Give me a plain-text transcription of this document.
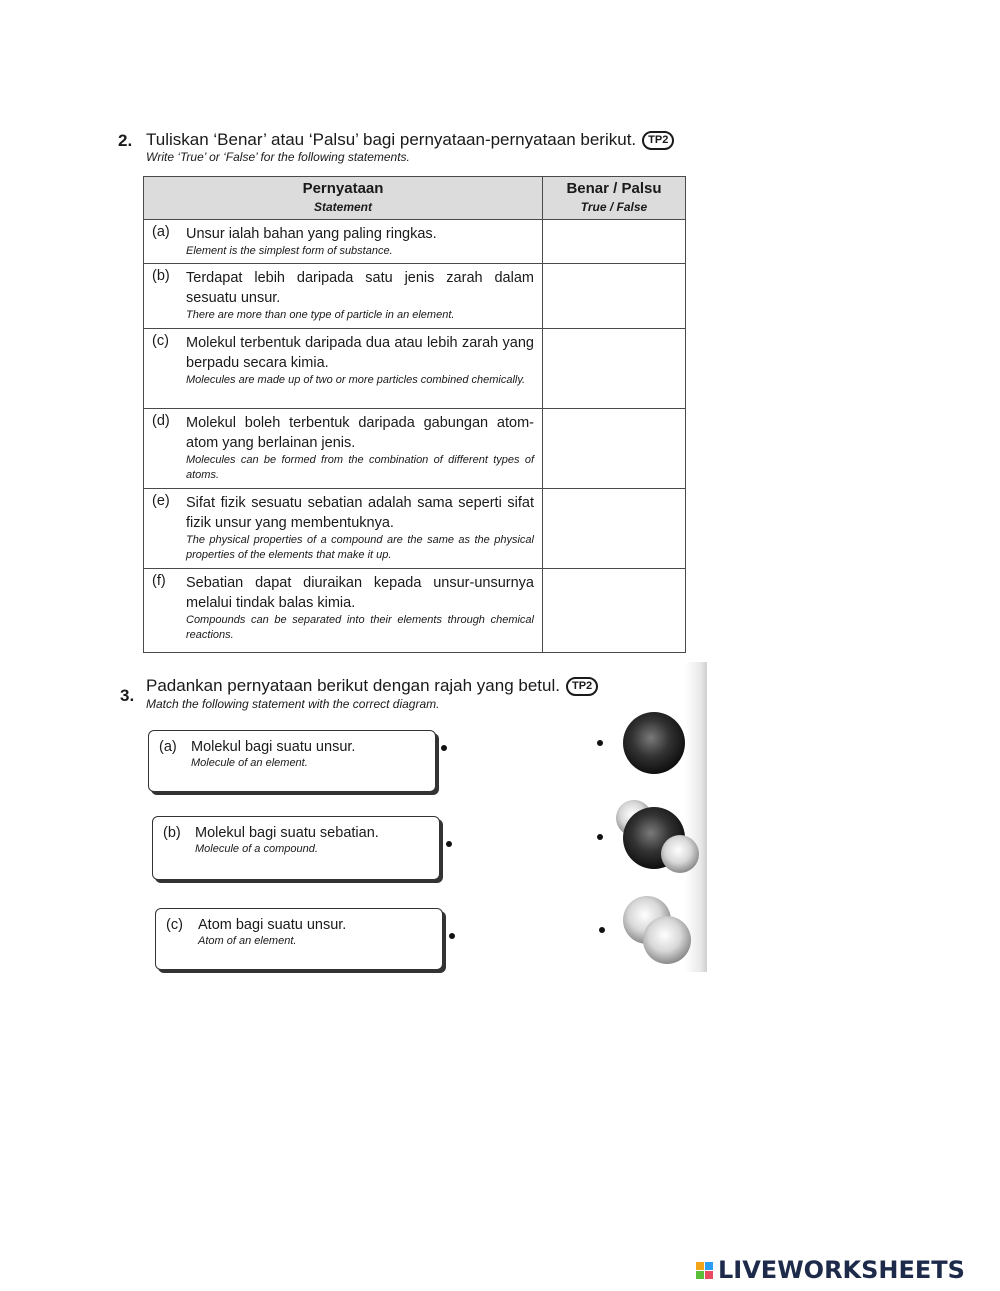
2. Tuliskan ‘Benar’ atau ‘Palsu’ bagi pernyataan-pernyataan berikut. TP2
Write ‘True’ or ‘False’ for the following statements.
Pernyataan
Statement	Benar / Palsu
True / False

(a) Unsur ialah bahan yang paling ringkas.
Element is the simplest form of substance.	

(b) Terdapat lebih daripada satu jenis zarah dalam sesuatu unsur.
There are more than one type of particle in an element.	

(c) Molekul terbentuk daripada dua atau lebih zarah yang berpadu secara kimia.
Molecules are made up of two or more particles combined chemically.	

(d) Molekul boleh terbentuk daripada gabungan atom-atom yang berlainan jenis.
Molecules can be formed from the combination of different types of atoms.	

(e) Sifat fizik sesuatu sebatian adalah sama seperti sifat fizik unsur yang membentuknya.
The physical properties of a compound are the same as the physical properties of the elements that make it up.	

(f) Sebatian dapat diuraikan kepada unsur-unsurnya melalui tindak balas kimia.
Compounds can be separated into their elements through chemical reactions.	

3.
Padankan pernyataan berikut dengan rajah yang betul. TP2
Match the following statement with the correct diagram.
(a) Molekul bagi suatu unsur.
Molecule of an element.
(b) Molekul bagi suatu sebatian.
Molecule of a compound.
(c)	Atom bagi suatu unsur.
Atom of an element.
LIVEWORKSHEETS
